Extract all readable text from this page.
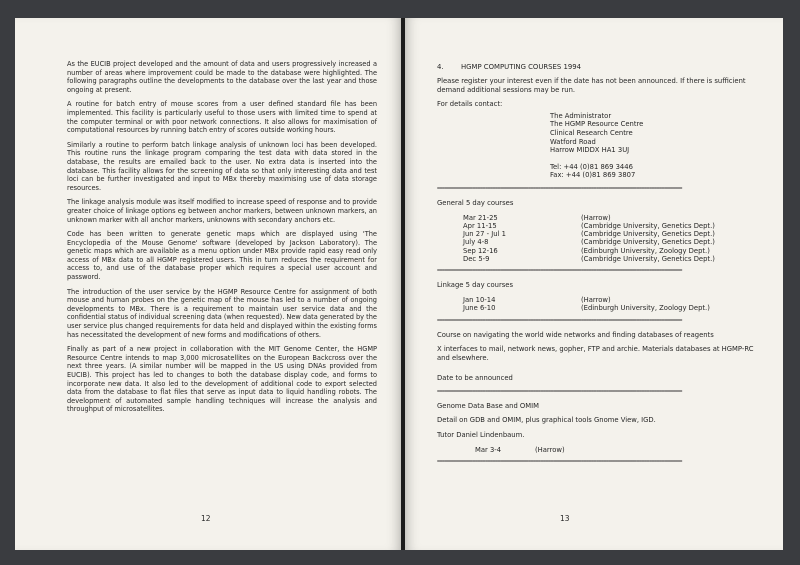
As the EUCIB project developed and the amount of data and users progressively increased a number of areas where improvement could be made to the database were highlighted. The following paragraphs outline the developments to the database over the last year and those ongoing at present.

A routine for batch entry of mouse scores from a user defined standard file has been implemented. This facility is particularly useful to those users with limited time to spend at the computer terminal or with poor network connections. It also allows for maximisation of computational resources by running batch entry of scores outside working hours.

Similarly a routine to perform batch linkage analysis of unknown loci has been developed. This routine runs the linkage program comparing the test data with data stored in the database, the results are emailed back to the user. No extra data is inserted into the database. This facility allows for the screening of data so that only interesting data and test loci can be further investigated and input to MBx thereby maximising use of data storage resources.

The linkage analysis module was itself modified to increase speed of response and to provide greater choice of linkage options eg between anchor markers, between unknown markers, an unknown marker with all anchor markers, unknowns with secondary anchors etc.

Code has been written to generate genetic maps which are displayed using 'The Encyclopedia of the Mouse Genome' software (developed by Jackson Laboratory). The genetic maps which are available as a menu option under MBx provide rapid easy read only access of MBx data to all HGMP registered users. This in turn reduces the requirement for access to, and use of the database proper which requires a special user account and password.

The introduction of the user service by the HGMP Resource Centre for assignment of both mouse and human probes on the genetic map of the mouse has led to a number of ongoing developments to MBx. There is a requirement to maintain user service data and the confidential status of individual screening data (when requested). New data generated by the user service plus changed requirements for data held and displayed within the existing forms has necessitated the development of new forms and modifications of others.

Finally as part of a new project in collaboration with the MIT Genome Center, the HGMP Resource Centre intends to map 3,000 microsatellites on the European Backcross over the next three years. (A similar number will be mapped in the US using DNAs provided from EUCIB). This project has led to changes to both the database display code, and forms to incorporate new data. It also led to the development of additional code to export selected data from the database to flat files that serve as input data to liquid handling robots. The development of automated sample handling techniques will increase the analysis and throughput of microsatellites.

12
4.	HGMP COMPUTING COURSES 1994

Please register your interest even if the date has not been announced. If there is sufficient demand additional sessions may be run.

For details contact:

The Administrator
The HGMP Resource Centre
Clinical Research Centre
Watford Road
Harrow MIDDX HA1 3UJ
Tel: +44 (0)81 869 3446
Fax: +44 (0)81 869 3807
=================================================================================================

General 5 day courses

Mar 21-25	(Harrow)
Apr 11-15	(Cambridge University, Genetics Dept.)
Jun 27 - Jul 1	(Cambridge University, Genetics Dept.)
July 4-8	(Cambridge University, Genetics Dept.)
Sep 12-16	(Edinburgh University, Zoology Dept.)
Dec 5-9	(Cambridge University, Genetics Dept.)
=================================================================================================

Linkage 5 day courses

Jan 10-14	(Harrow)
June 6-10	(Edinburgh University, Zoology Dept.)
=================================================================================================

Course on navigating the world wide networks and finding databases of reagents

X interfaces to mail, network news, gopher, FTP and archie. Materials databases at HGMP-RC and elsewhere.

Date to be announced

=================================================================================================

Genome Data Base and OMIM

Detail on GDB and OMIM, plus graphical tools Gnome View, IGD.

Tutor Daniel Lindenbaum.

Mar 3-4	(Harrow)
=================================================================================================
13
